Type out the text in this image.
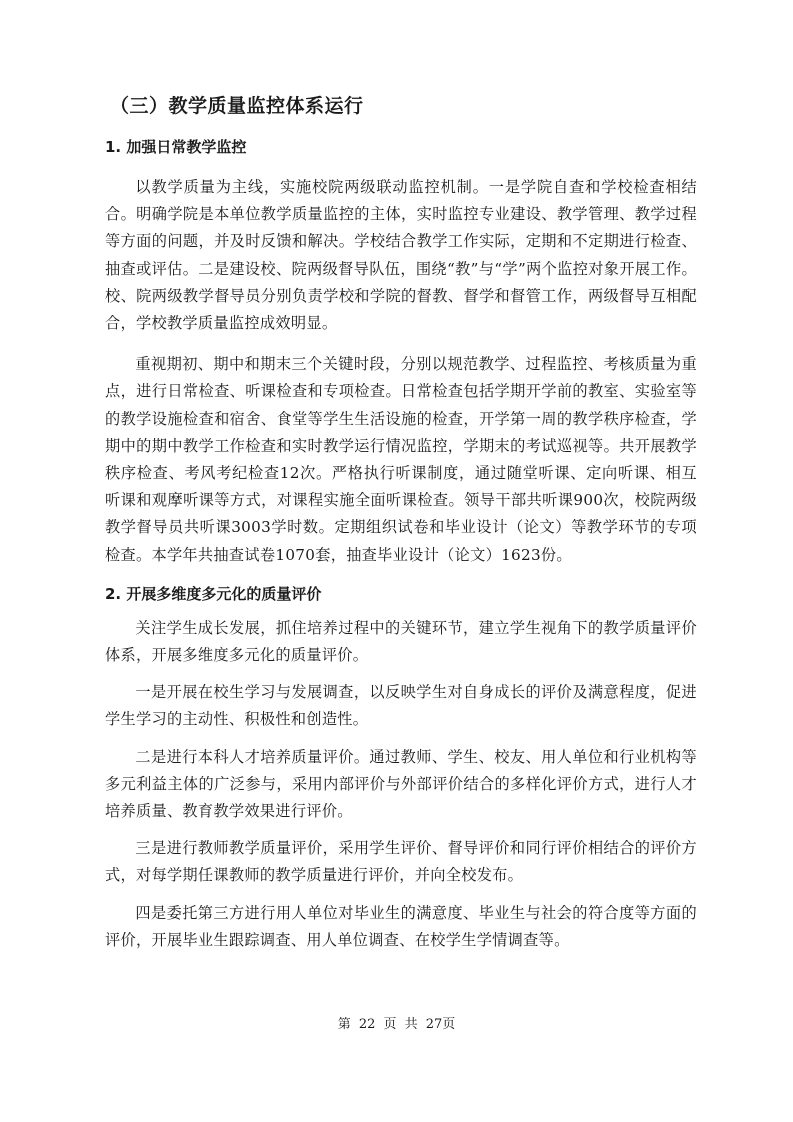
（三）教学质量监控体系运行
1. 加强日常教学监控

以教学质量为主线，实施校院两级联动监控机制。一是学院自查和学校检查相结合。明确学院是本单位教学质量监控的主体，实时监控专业建设、教学管理、教学过程等方面的问题，并及时反馈和解决。学校结合教学工作实际，定期和不定期进行检查、抽查或评估。二是建设校、院两级督导队伍，围绕“教”与“学”两个监控对象开展工作。校、院两级教学督导员分别负责学校和学院的督教、督学和督管工作，两级督导互相配合，学校教学质量监控成效明显。

重视期初、期中和期末三个关键时段，分别以规范教学、过程监控、考核质量为重点，进行日常检查、听课检查和专项检查。日常检查包括学期开学前的教室、实验室等的教学设施检查和宿舍、食堂等学生生活设施的检查，开学第一周的教学秩序检查，学期中的期中教学工作检查和实时教学运行情况监控，学期末的考试巡视等。共开展教学秩序检查、考风考纪检查12次。严格执行听课制度，通过随堂听课、定向听课、相互听课和观摩听课等方式，对课程实施全面听课检查。领导干部共听课900次，校院两级教学督导员共听课3003学时数。定期组织试卷和毕业设计（论文）等教学环节的专项检查。本学年共抽查试卷1070套，抽查毕业设计（论文）1623份。

2. 开展多维度多元化的质量评价

关注学生成长发展，抓住培养过程中的关键环节，建立学生视角下的教学质量评价体系，开展多维度多元化的质量评价。

一是开展在校生学习与发展调查，以反映学生对自身成长的评价及满意程度，促进学生学习的主动性、积极性和创造性。

二是进行本科人才培养质量评价。通过教师、学生、校友、用人单位和行业机构等多元利益主体的广泛参与，采用内部评价与外部评价结合的多样化评价方式，进行人才培养质量、教育教学效果进行评价。

三是进行教师教学质量评价，采用学生评价、督导评价和同行评价相结合的评价方式，对每学期任课教师的教学质量进行评价，并向全校发布。

四是委托第三方进行用人单位对毕业生的满意度、毕业生与社会的符合度等方面的评价，开展毕业生跟踪调查、用人单位调查、在校学生学情调查等。

第 22 页 共 27页
